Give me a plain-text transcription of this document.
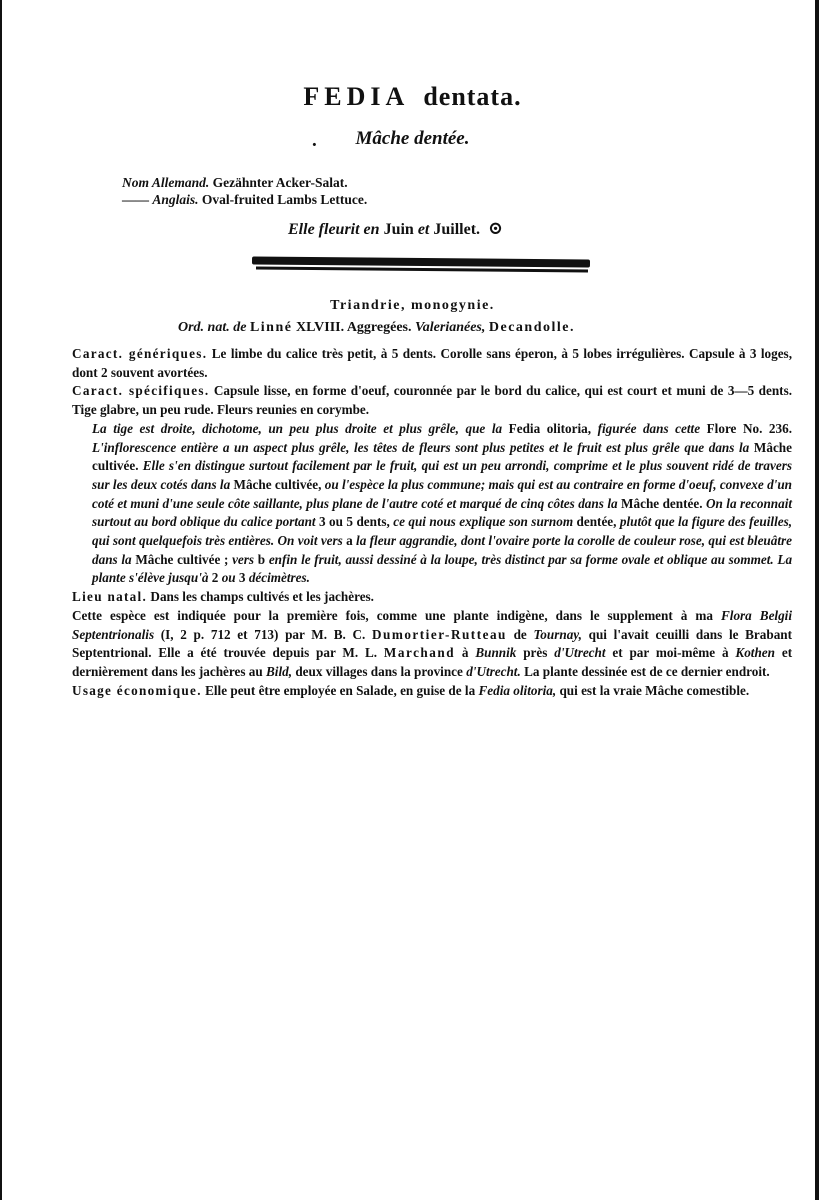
FEDIA dentata.
. Mâche dentée.
Nom Allemand. Gezähnter Acker-Salat.
—— Anglais. Oval-fruited Lambs Lettuce.
Elle fleurit en Juin et Juillet. ⊙
Triandrie, monogynie.
Ord. nat. de Linné XLVIII. Aggregées. Valerianées, Decandolle.

Caract. génériques. Le limbe du calice très petit, à 5 dents. Corolle sans éperon, à 5 lobes irrégulières. Capsule à 3 loges, dont 2 souvent avortées.

Caract. spécifiques. Capsule lisse, en forme d'oeuf, couronnée par le bord du calice, qui est court et muni de 3—5 dents. Tige glabre, un peu rude. Fleurs reunies en corymbe.

La tige est droite, dichotome, un peu plus droite et plus grêle, que la Fedia olitoria, figurée dans cette Flore No. 236. L'inflorescence entière a un aspect plus grêle, les têtes de fleurs sont plus petites et le fruit est plus grêle que dans la Mâche cultivée. Elle s'en distingue surtout facilement par le fruit, qui est un peu arrondi, comprime et le plus souvent ridé de travers sur les deux cotés dans la Mâche cultivée, ou l'espèce la plus commune; mais qui est au contraire en forme d'oeuf, convexe d'un coté et muni d'une seule côte saillante, plus plane de l'autre coté et marqué de cinq côtes dans la Mâche dentée. On la reconnait surtout au bord oblique du calice portant 3 ou 5 dents, ce qui nous explique son surnom dentée, plutôt que la figure des feuilles, qui sont quelquefois très entières. On voit vers a la fleur aggrandie, dont l'ovaire porte la corolle de couleur rose, qui est bleuâtre dans la Mâche cultivée ; vers b enfin le fruit, aussi dessiné à la loupe, très distinct par sa forme ovale et oblique au sommet. La plante s'élève jusqu'à 2 ou 3 décimètres.

Lieu natal. Dans les champs cultivés et les jachères.

Cette espèce est indiquée pour la première fois, comme une plante indigène, dans le supplement à ma Flora Belgii Septentrionalis (I, 2 p. 712 et 713) par M. B. C. Dumortier-Rutteau de Tournay, qui l'avait ceuilli dans le Brabant Septentrional. Elle a été trouvée depuis par M. L. Marchand à Bunnik près d'Utrecht et par moi-même à Kothen et dernièrement dans les jachères au Bild, deux villages dans la province d'Utrecht. La plante dessinée est de ce dernier endroit.

Usage économique. Elle peut être employée en Salade, en guise de la Fedia olitoria, qui est la vraie Mâche comestible.
